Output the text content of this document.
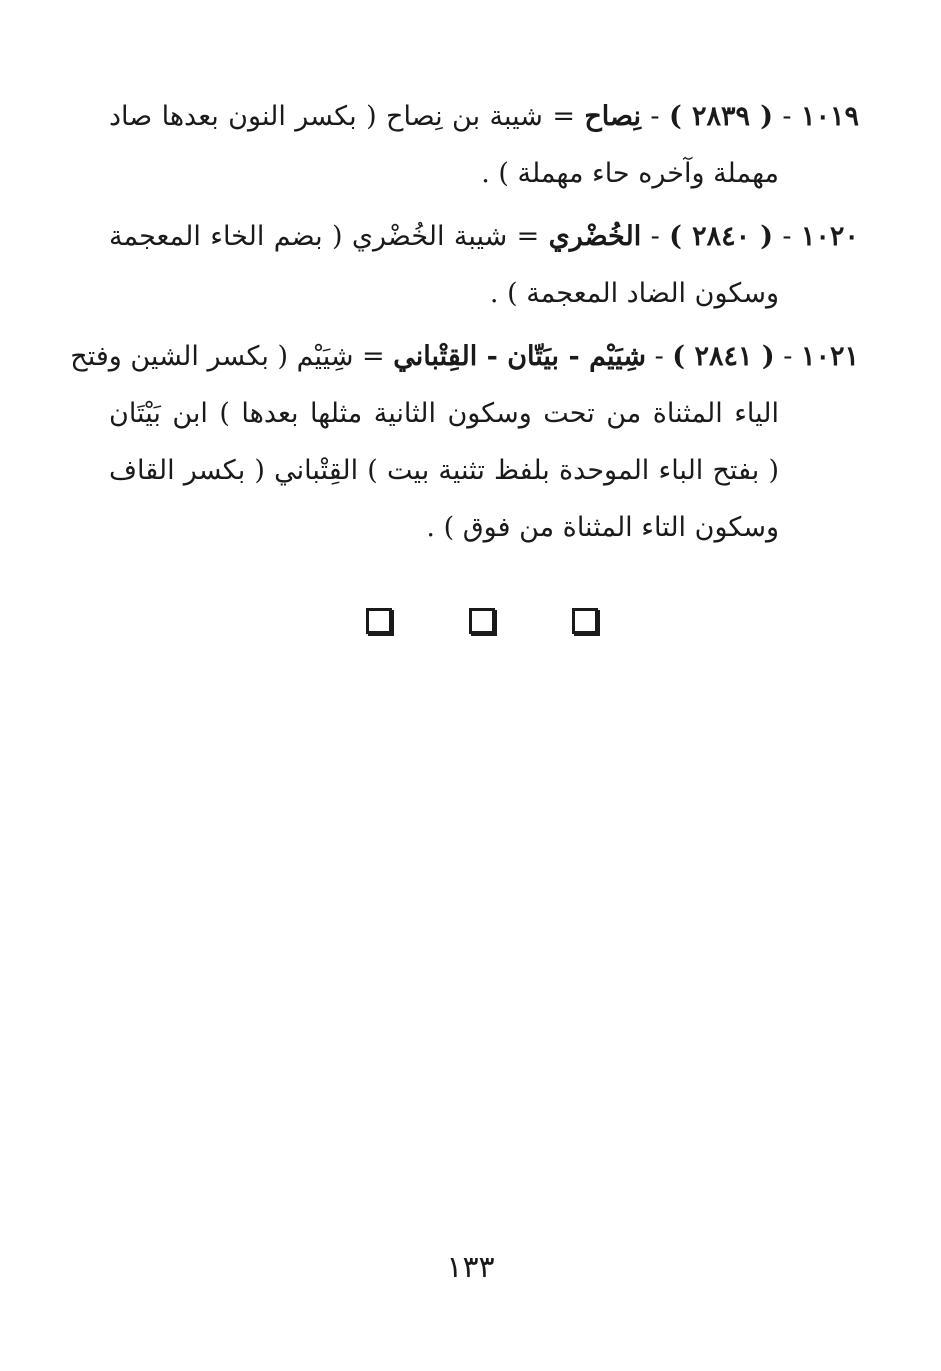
١٠١٩ - ( ٢٨٣٩ ) - نِصاح = شيبة بن نِصاح ( بكسر النون بعدها صاد
مهملة وآخره حاء مهملة ) .
١٠٢٠ - ( ٢٨٤٠ ) - الخُضْري = شيبة الخُضْري ( بضم الخاء المعجمة
وسكون الضاد المعجمة ) .
١٠٢١ - ( ٢٨٤١ ) - شِيَيْم - بيَتّان - القِتْباني = شِيَيْم ( بكسر الشين وفتح
الياء المثناة من تحت وسكون الثانية مثلها بعدها ) ابن بَيْتَان
( بفتح الباء الموحدة بلفظ تثنية بيت ) القِتْباني ( بكسر القاف
وسكون التاء المثناة من فوق ) .
١٣٣
